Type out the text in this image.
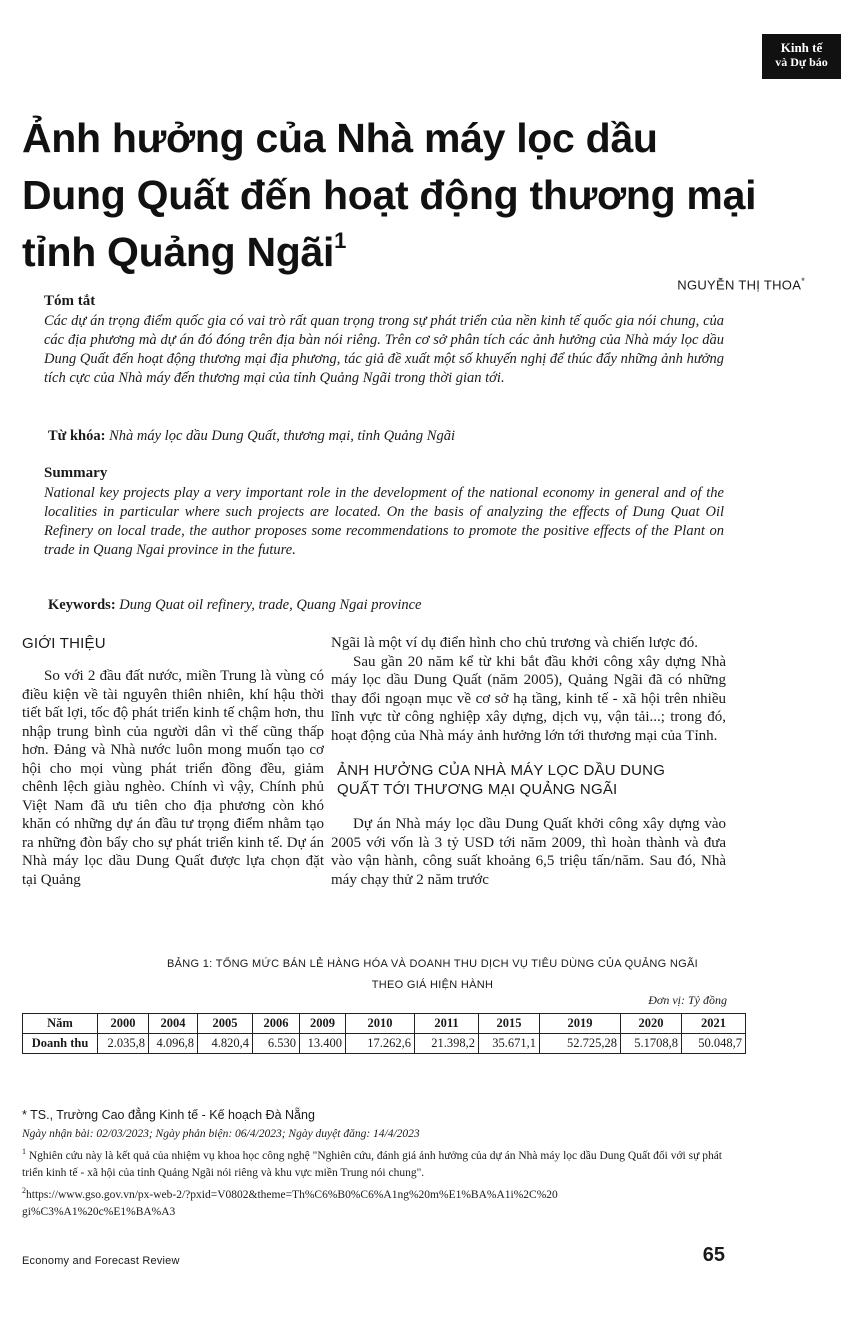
Kinh tế
và Dự báo
Ảnh hưởng của Nhà máy lọc dầu
Dung Quất đến hoạt động thương mại
tỉnh Quảng Ngãi$^1$
NGUYỄN THỊ THOA*
Tóm tắt
Các dự án trọng điểm quốc gia có vai trò rất quan trọng trong sự phát triển của nền kinh tế quốc gia nói chung, của các địa phương mà dự án đó đóng trên địa bàn nói riêng. Trên cơ sở phân tích các ảnh hưởng của Nhà máy lọc dầu Dung Quất đến hoạt động thương mại địa phương, tác giả đề xuất một số khuyến nghị để thúc đẩy những ảnh hưởng tích cực của Nhà máy đến thương mại của tỉnh Quảng Ngãi trong thời gian tới.
Từ khóa: Nhà máy lọc dầu Dung Quất, thương mại, tỉnh Quảng Ngãi
Summary
National key projects play a very important role in the development of the national economy in general and of the localities in particular where such projects are located. On the basis of analyzing the effects of Dung Quat Oil Refinery on local trade, the author proposes some recommendations to promote the positive effects of the Plant on trade in Quang Ngai province in the future.
Keywords: Dung Quat oil refinery, trade, Quang Ngai province
GIỚI THIỆU

So với 2 đầu đất nước, miền Trung là vùng có điều kiện về tài nguyên thiên nhiên, khí hậu thời tiết bất lợi, tốc độ phát triển kinh tế chậm hơn, thu nhập trung bình của người dân vì thế cũng thấp hơn. Đảng và Nhà nước luôn mong muốn tạo cơ hội cho mọi vùng phát triển đồng đều, giảm chênh lệch giàu nghèo. Chính vì vậy, Chính phủ Việt Nam đã ưu tiên cho địa phương còn khó khăn có những dự án đầu tư trọng điểm nhằm tạo ra những đòn bẩy cho sự phát triển kinh tế. Dự án Nhà máy lọc dầu Dung Quất được lựa chọn đặt tại Quảng

Ngãi là một ví dụ điển hình cho chủ trương và chiến lược đó.

Sau gần 20 năm kể từ khi bắt đầu khởi công xây dựng Nhà máy lọc dầu Dung Quất (năm 2005), Quảng Ngãi đã có những thay đổi ngoạn mục về cơ sở hạ tầng, kinh tế - xã hội trên nhiều lĩnh vực từ công nghiệp xây dựng, dịch vụ, vận tải...; trong đó, hoạt động của Nhà máy ảnh hưởng lớn tới thương mại của Tỉnh.

ẢNH HƯỞNG CỦA NHÀ MÁY LỌC DẦU DUNG
QUẤT TỚI THƯƠNG MẠI QUẢNG NGÃI

Dự án Nhà máy lọc dầu Dung Quất khởi công xây dựng vào 2005 với vốn là 3 tỷ USD tới năm 2009, thì hoàn thành và đưa vào vận hành, công suất khoảng 6,5 triệu tấn/năm. Sau đó, Nhà máy chạy thử 2 năm trước

BẢNG 1: TỔNG MỨC BÁN LẺ HÀNG HÓA VÀ DOANH THU DỊCH VỤ TIÊU DÙNG CỦA QUẢNG NGÃI
THEO GIÁ HIỆN HÀNH
Đơn vị: Tỷ đồng
Năm	2000	2004	2005	2006	2009	2010	2011	2015	2019	2020	2021
Doanh thu	2.035,8	4.096,8	4.820,4	6.530	13.400	17.262,6	21.398,2	35.671,1	52.725,28	5.1708,8	50.048,7
* TS., Trường Cao đẳng Kinh tế - Kế hoạch Đà Nẵng
Ngày nhận bài: 02/03/2023; Ngày phản biện: 06/4/2023; Ngày duyệt đăng: 14/4/2023
$^1$ Nghiên cứu này là kết quả của nhiệm vụ khoa học công nghệ "Nghiên cứu, đánh giá ảnh hưởng của dự án Nhà máy lọc dầu Dung Quất đối với sự phát triển kinh tế - xã hội của tỉnh Quảng Ngãi nói riêng và khu vực miền Trung nói chung".
$^2$https://www.gso.gov.vn/px-web-2/?pxid=V0802&theme=Th%C6%B0%C6%A1ng%20m%E1%BA%A1i%2C%20
gi%C3%A1%20c%E1%BA%A3
Economy and Forecast Review	65
